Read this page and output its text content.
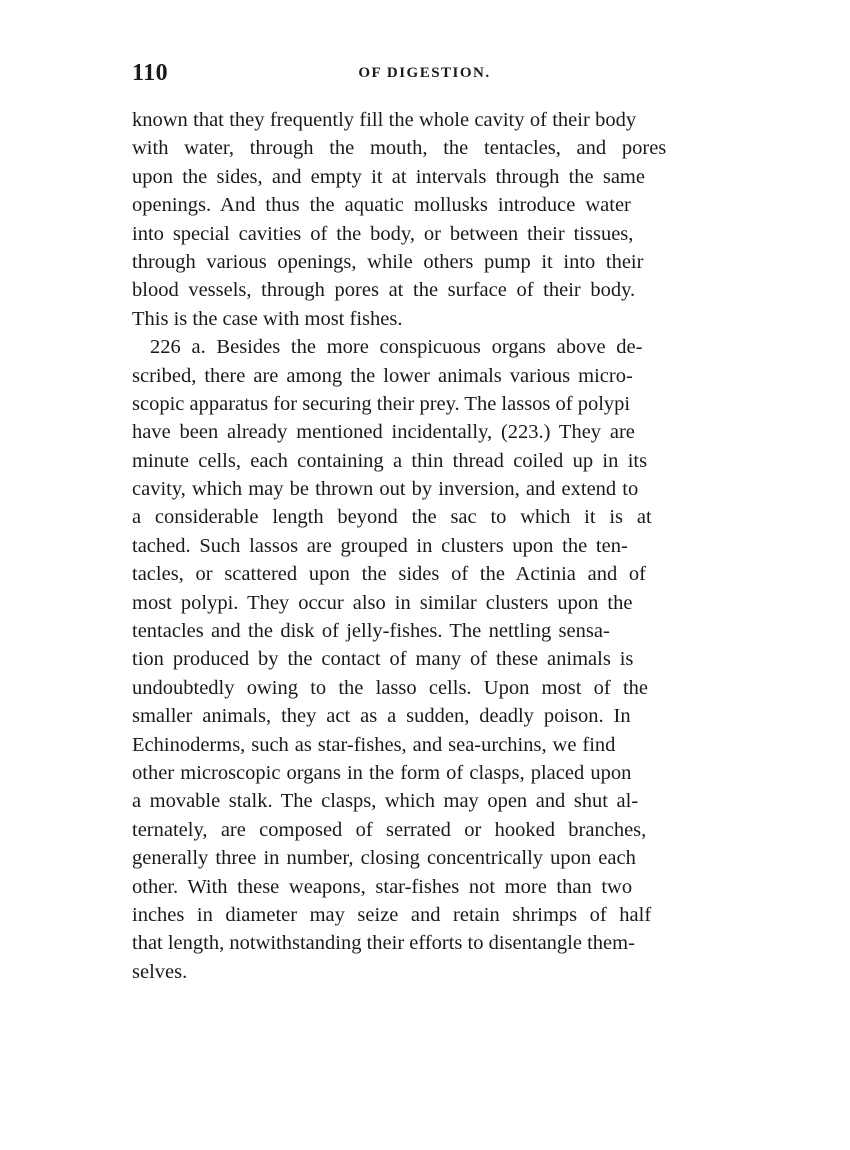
110	OF DIGESTION.
known that they frequently fill the whole cavity of their body
with water, through the mouth, the tentacles, and pores
upon the sides, and empty it at intervals through the same
openings. And thus the aquatic mollusks introduce water
into special cavities of the body, or between their tissues,
through various openings, while others pump it into their
blood vessels, through pores at the surface of their body.
This is the case with most fishes.
226 a. Besides the more conspicuous organs above de-
scribed, there are among the lower animals various micro-
scopic apparatus for securing their prey. The lassos of polypi
have been already mentioned incidentally, (223.) They are
minute cells, each containing a thin thread coiled up in its
cavity, which may be thrown out by inversion, and extend to
a considerable length beyond the sac to which it is at
tached. Such lassos are grouped in clusters upon the ten-
tacles, or scattered upon the sides of the Actinia and of
most polypi. They occur also in similar clusters upon the
tentacles and the disk of jelly-fishes. The nettling sensa-
tion produced by the contact of many of these animals is
undoubtedly owing to the lasso cells. Upon most of the
smaller animals, they act as a sudden, deadly poison. In
Echinoderms, such as star-fishes, and sea-urchins, we find
other microscopic organs in the form of clasps, placed upon
a movable stalk. The clasps, which may open and shut al-
ternately, are composed of serrated or hooked branches,
generally three in number, closing concentrically upon each
other. With these weapons, star-fishes not more than two
inches in diameter may seize and retain shrimps of half
that length, notwithstanding their efforts to disentangle them-
selves.
